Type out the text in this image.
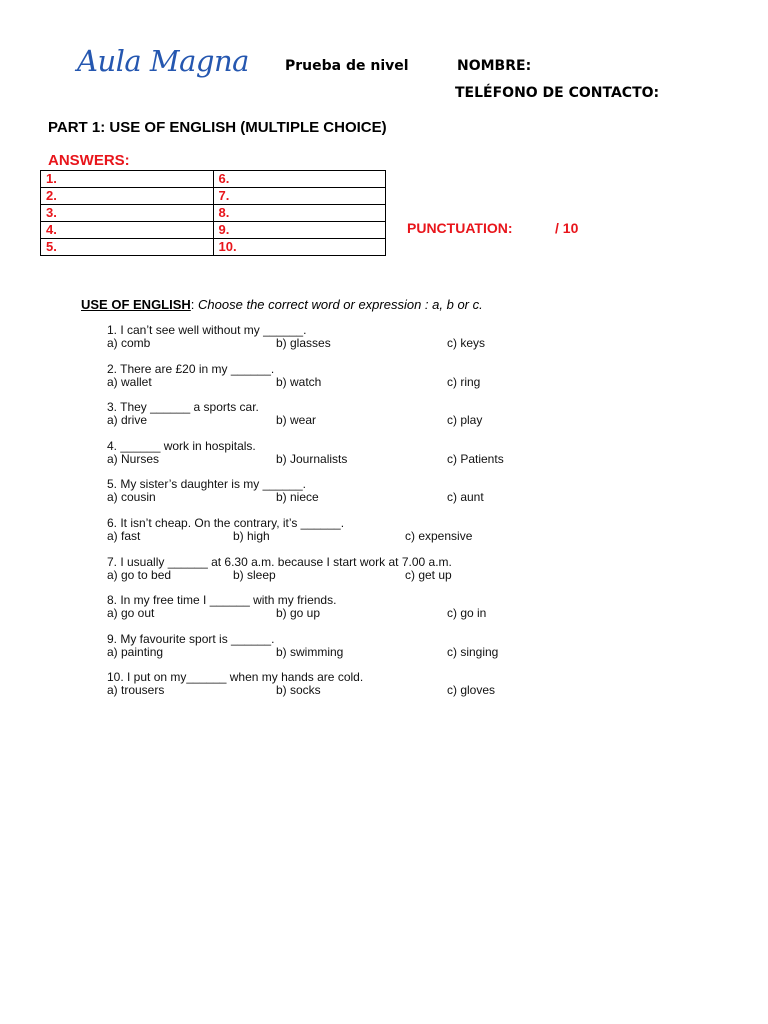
Aula Magna	Prueba de nivel	NOMBRE:
TELÉFONO DE CONTACTO:
PART 1: USE OF ENGLISH (MULTIPLE CHOICE)
ANSWERS:
1.	6.
2.	7.
3.	8.
4.	9.
5.	10.
PUNCTUATION:	/ 10
USE OF ENGLISH: Choose the correct word or expression : a, b or c.
1. I can’t see well without my ______.
a) comb	b) glasses	c) keys
2. There are £20 in my ______.
a) wallet	b) watch	c) ring
3. They ______ a sports car.
a) drive	b) wear	c) play
4. ______ work in hospitals.
a) Nurses	b) Journalists	c) Patients
5. My sister’s daughter is my ______.
a) cousin	b) niece	c) aunt
6. It isn’t cheap. On the contrary, it’s ______.
a) fast	b) high	c) expensive
7. I usually ______ at 6.30 a.m. because I start work at 7.00 a.m.
a) go to bed	b) sleep	c) get up
8. In my free time I ______ with my friends.
a) go out	b) go up	c) go in
9. My favourite sport is ______.
a) painting	b) swimming	c) singing
10. I put on my______ when my hands are cold.
a) trousers	b) socks	c) gloves
